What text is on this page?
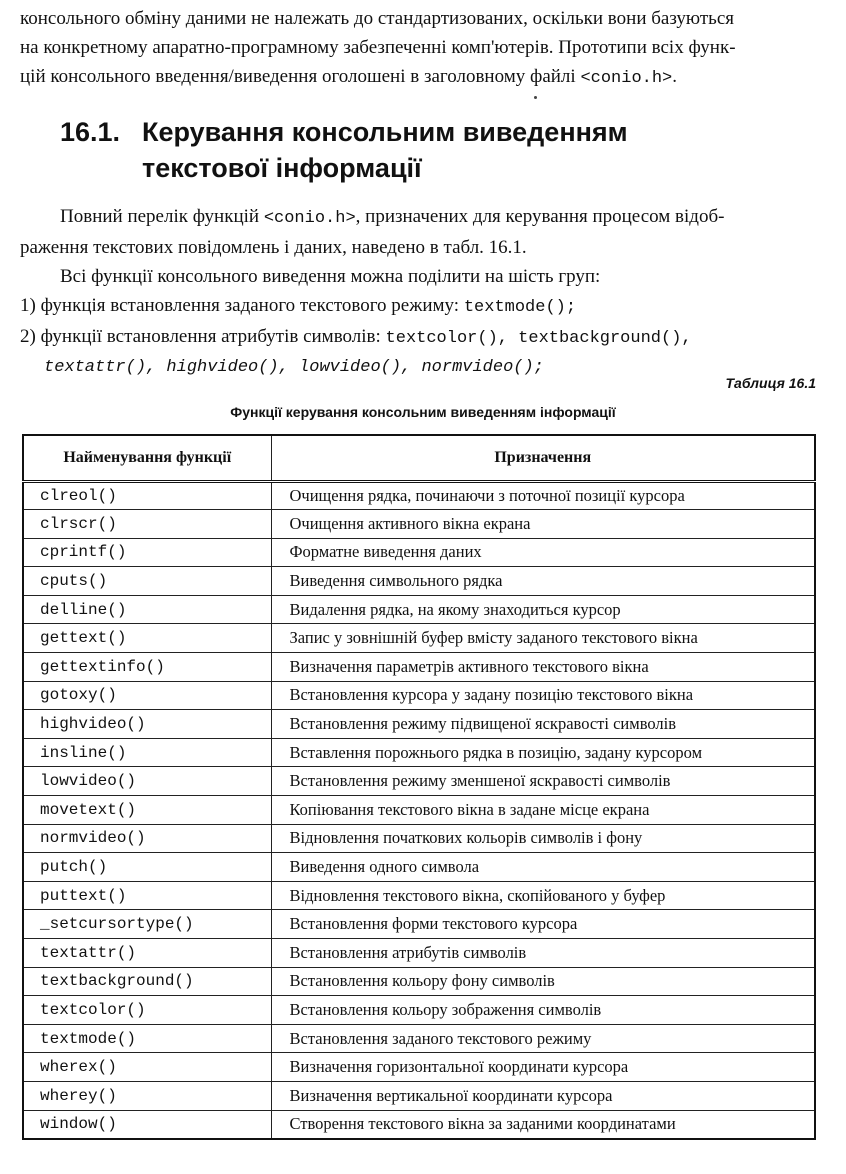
консольного обміну даними не належать до стандартизованих, оскільки вони базуються
на конкретному апаратно-програмному забезпеченні комп'ютерів. Прототипи всіх функ-
цій консольного введення/виведення оголошені в заголовному файлі <conio.h>.
16.1. Керування консольним виведенням
текстової інформації
Повний перелік функцій <conio.h>, призначених для керування процесом відоб-
раження текстових повідомлень і даних, наведено в табл. 16.1.
Всі функції консольного виведення можна поділити на шість груп:
1) функція встановлення заданого текстового режиму: textmode();
2) функції встановлення атрибутів символів: textcolor(), textbackground(),
textattr(), highvideo(), lowvideo(), normvideo();
Таблиця 16.1
Функції керування консольним виведенням інформації
Найменування функції	Призначення
clreol()	Очищення рядка, починаючи з поточної позиції курсора
clrscr()	Очищення активного вікна екрана
cprintf()	Форматне виведення даних
cputs()	Виведення символьного рядка
delline()	Видалення рядка, на якому знаходиться курсор
gettext()	Запис у зовнішній буфер вмісту заданого текстового вікна
gettextinfo()	Визначення параметрів активного текстового вікна
gotoxy()	Встановлення курсора у задану позицію текстового вікна
highvideo()	Встановлення режиму підвищеної яскравості символів
insline()	Вставлення порожнього рядка в позицію, задану курсором
lowvideo()	Встановлення режиму зменшеної яскравості символів
movetext()	Копіювання текстового вікна в задане місце екрана
normvideo()	Відновлення початкових кольорів символів і фону
putch()	Виведення одного символа
puttext()	Відновлення текстового вікна, скопійованого у буфер
_setcursortype()	Встановлення форми текстового курсора
textattr()	Встановлення атрибутів символів
textbackground()	Встановлення кольору фону символів
textcolor()	Встановлення кольору зображення символів
textmode()	Встановлення заданого текстового режиму
wherex()	Визначення горизонтальної координати курсора
wherey()	Визначення вертикальної координати курсора
window()	Створення текстового вікна за заданими координатами
